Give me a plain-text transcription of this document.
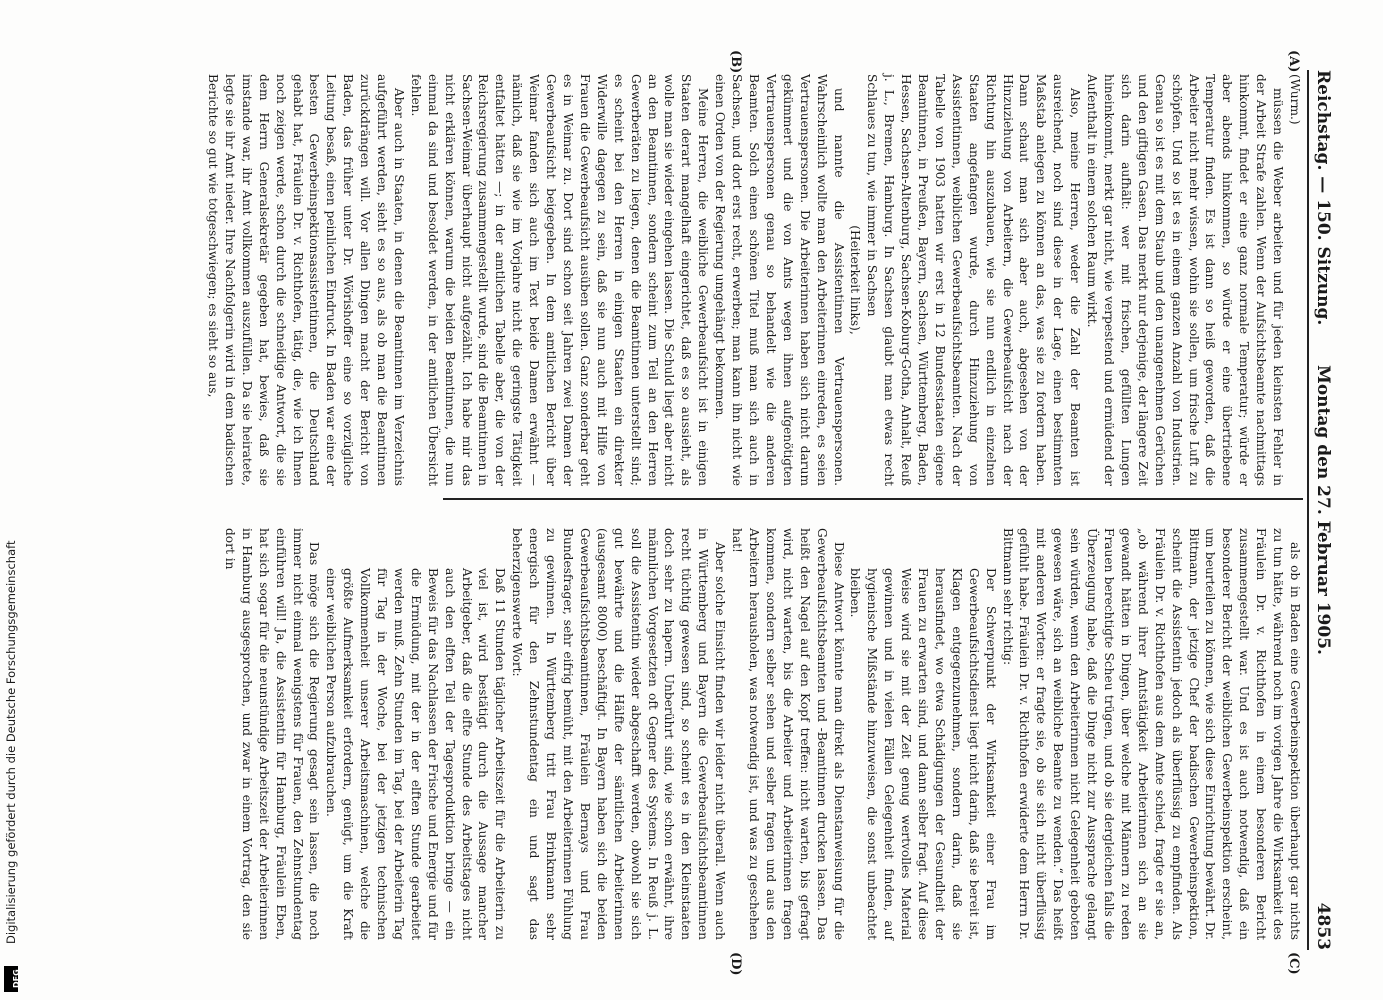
Reichstag. — 150. Sitzung.
Montag den 27. Februar 1905.
4853
(A)
(B)
(C)
(D)

(Wurm.)

müssen die Weber arbeiten und für jeden kleinsten Fehler in der Arbeit Strafe zahlen. Wenn der Aufsichtsbeamte nachmittags hinkommt, findet er eine ganz normale Temperatur; würde er aber abends hinkommen, so würde er eine übertriebene Temperatur finden. Es ist dann so heiß geworden, daß die Arbeiter nicht mehr wissen, wohin sie sollen, um frische Luft zu schöpfen. Und so ist es in einem ganzen Anzahl von Industrien. Genau so ist es mit dem Staub und den unangenehmen Gerüchen und den giftigen Gasen. Das merkt nur derjenige, der längere Zeit sich darin aufhält: wer mit frischen, gefüllten Lungen hineinkommt, merkt gar nicht, wie verpestend und ermüdend der Aufenthalt in einem solchen Raum wirkt.

Also, meine Herren, weder die Zahl der Beamten ist ausreichend, noch sind diese in der Lage, einen bestimmten Maßstab anlegen zu können an das, was sie zu fordern haben. Dann schaut man sich aber auch, abgesehen von der Hinzuziehung von Arbeitern, die Gewerbeaufsicht nach der Richtung hin auszubauen, wie sie nun endlich in einzelnen Staaten angefangen wurde, durch Hinzuziehung von Assistentinnen, weiblichen Gewerbeaufsichtsbeamten. Nach der Tabelle von 1903 hatten wir erst in 12 Bundesstaaten eigene Beamtinnen, in Preußen, Bayern, Sachsen, Württemberg, Baden, Hessen, Sachsen-Altenburg, Sachsen-Koburg-Gotha, Anhalt, Reuß j. L., Bremen, Hamburg. In Sachsen glaubt man etwas recht Schlaues zu tun, wie immer in Sachsen

(Heiterkeit links),

und nannte die Assistentinnen Vertrauenspersonen. Wahrscheinlich wollte man den Arbeiterinnen einreden, es seien Vertrauenspersonen. Die Arbeiterinnen haben sich nicht darum gekümmert und die von Amts wegen ihnen aufgenötigten Vertrauenspersonen genau so behandelt wie die anderen Beamten. Solch einen schönen Titel muß man sich auch in Sachsen, und dort erst recht, erwerben; man kann ihn nicht wie einen Orden von der Regierung umgehängt bekommen.

Meine Herren, die weibliche Gewerbeaufsicht ist in einigen Staaten derart mangelhaft eingerichtet, daß es so aussieht, als wolle man sie wieder eingehen lassen. Die Schuld liegt aber nicht an den Beamtinnen, sondern scheint zum Teil an den Herren Gewerberäten zu liegen, denen die Beamtinnen unterstellt sind; es scheint bei den Herren in einigen Staaten ein direkter Widerwille dagegen zu sein, daß sie nun auch mit Hilfe von Frauen die Gewerbeaufsicht ausüben sollen. Ganz sonderbar geht es in Weimar zu. Dort sind schon seit Jahren zwei Damen der Gewerbeaufsicht beigegeben. In dem amtlichen Bericht über Weimar fanden sich auch im Text beide Damen erwähnt — nämlich, daß sie wie im Vorjahre nicht die geringste Tätigkeit entfaltet hätten —; in der amtlichen Tabelle aber, die von der Reichsregierung zusammengestellt wurde, sind die Beamtinnen in Sachsen-Weimar überhaupt nicht aufgezählt. Ich habe mir das nicht erklären können, warum die beiden Beamtinnen, die nun einmal da sind und besoldet werden, in der amtlichen Übersicht fehlen.

Aber auch in Staaten, in denen die Beamtinnen im Verzeichnis aufgeführt werden, sieht es so aus, als ob man die Beamtinnen zurückdrängen will. Vor allen Dingen macht der Bericht von Baden, das früher unter Dr. Wörishoffer eine so vorzügliche Leitung besaß, einen peinlichen Eindruck. In Baden war eine der besten Gewerbeinspektionsassistentinnen, die Deutschland gehabt hat, Fräulein Dr. v. Richthofen, tätig, die, wie ich Ihnen noch zeigen werde, schon durch die schneidige Antwort, die sie dem Herrn Generalsekretär gegeben hat, bewies, daß sie imstande war, ihr Amt vollkommen auszufüllen. Da sie heiratete, legte sie ihr Amt nieder. Ihre Nachfolgerin wird in dem badischen Berichte so gut wie totgeschwiegen; es sieht so aus,

als ob in Baden eine Gewerbeinspektion überhaupt gar nichts zu tun hätte, während noch im vorigen Jahre die Wirksamkeit des Fräulein Dr. v. Richthofen in einem besonderen Bericht zusammengestellt war. Und es ist auch notwendig, daß ein besonderer Bericht der weiblichen Gewerbeinspektion erscheint, um beurteilen zu können, wie sich diese Einrichtung bewährt. Dr. Bittmann, der jetzige Chef der badischen Gewerbeinspektion, scheint die Assistentin jedoch als überflüssig zu empfinden. Als Fräulein Dr. v. Richthofen aus dem Amte schied, fragte er sie an, „ob während ihrer Amtstätigkeit Arbeiterinnen sich an sie gewandt hätten in Dingen, über welche mit Männern zu reden Frauen berechtigte Scheu trügen, und ob sie dergleichen falls die Überzeugung habe, daß die Dinge nicht zur Aussprache gelangt sein würden, wenn den Arbeiterinnen nicht Gelegenheit geboten gewesen wäre, sich an weibliche Beamte zu wenden.“ Das heißt mit anderen Worten: er fragte sie, ob sie sich nicht überflüssig gefühlt habe. Fräulein Dr. v. Richthofen erwiderte dem Herrn Dr. Bittmann sehr richtig:

Der Schwerpunkt der Wirksamkeit einer Frau im Gewerbeaufsichtsdienst liegt nicht darin, daß sie bereit ist, Klagen entgegenzunehmen, sondern darin, daß sie herausfindet, wo etwa Schädigungen der Gesundheit der Frauen zu erwarten sind, und dann selber fragt. Auf diese Weise wird sie mit der Zeit genug wertvolles Material gewinnen und in vielen Fällen Gelegenheit finden, auf hygienische Mißstände hinzuweisen, die sonst unbeachtet bleiben.

Diese Antwort könnte man direkt als Dienstanweisung für die Gewerbeaufsichtsbeamten und -Beamtinnen drucken lassen. Das heißt den Nagel auf den Kopf treffen: nicht warten, bis gefragt wird, nicht warten, bis die Arbeiter und Arbeiterinnen fragen kommen, sondern selber sehen und selber fragen und aus den Arbeitern herausholen, was notwendig ist, und was zu geschehen hat!

Aber solche Einsicht finden wir leider nicht überall. Wenn auch in Württemberg und Bayern die Gewerbeaufsichtsbeamtinnen recht tüchtig gewesen sind, so scheint es in den Kleinstaaten doch sehr zu hapern. Unberührt sind, wie schon erwähnt, ihre männlichen Vorgesetzten oft Gegner des Systems. In Reuß j. L. soll die Assistentin wieder abgeschafft werden, obwohl sie sich gut bewährte und die Hälfte der sämtlichen Arbeiterinnen (ausgesamt 8000) beschäftigt. In Bayern haben sich die beiden Gewerbeaufsichtsbeamtinnen, Fräulein Bernays und Frau Bundesfrager, sehr eifrig bemüht, mit den Arbeiterinnen Fühlung zu gewinnen. In Württemberg tritt Frau Brinkmann sehr energisch für den Zehnstundentag ein und sagt das beherzigenswerte Wort:

Daß 11 Stunden täglicher Arbeitszeit für die Arbeiterin zu viel ist, wird bestätigt durch die Aussage mancher Arbeitgeber, daß die elfte Stunde des Arbeitstages nicht auch den elften Teil der Tagesproduktion bringe — ein Beweis für das Nachlassen der Frische und Energie und für die Ermüdung, mit der in der elften Stunde gearbeitet werden muß. Zehn Stunden im Tag, bei der Arbeiterin Tag für Tag in der Woche, bei der jetzigen technischen Vollkommenheit unserer Arbeitsmaschinen, welche die größte Aufmerksamkeit erfordern, genügt, um die Kraft einer weiblichen Person aufzubrauchen.

Das möge sich die Regierung gesagt sein lassen, die noch immer nicht einmal wenigstens für Frauen, den Zehnstundentag einführen will! Ja, die Assistentin für Hamburg, Fräulein Eben, hat sich sogar für die neunstündige Arbeitszeit der Arbeiterinnen in Hamburg ausgesprochen, und zwar in einem Vortrag, den sie dort in

Digitalisierung gefördert durch die Deutsche Forschungsgemeinschaft
DFG
